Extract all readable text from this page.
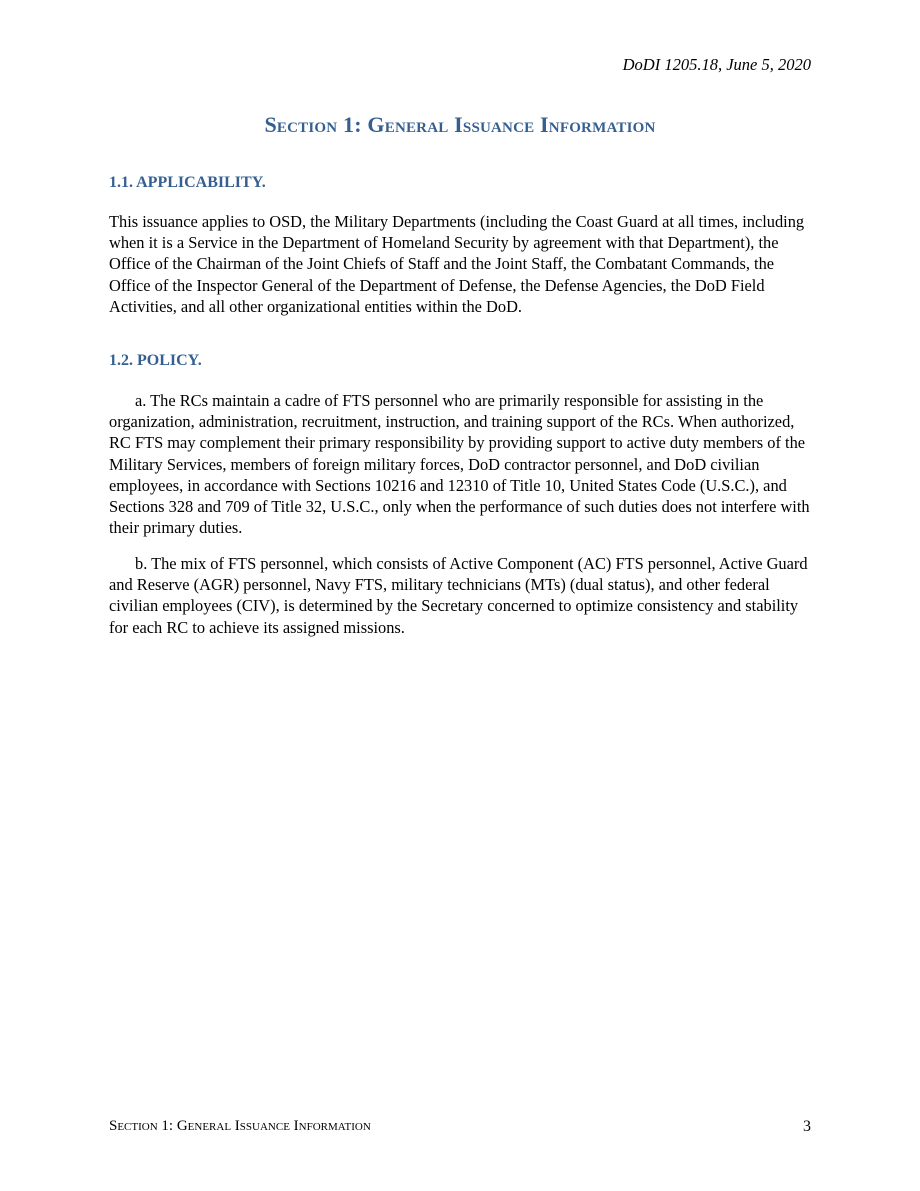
DoDI 1205.18, June 5, 2020
Section 1: General Issuance Information
1.1. APPLICABILITY.

This issuance applies to OSD, the Military Departments (including the Coast Guard at all times, including when it is a Service in the Department of Homeland Security by agreement with that Department), the Office of the Chairman of the Joint Chiefs of Staff and the Joint Staff, the Combatant Commands, the Office of the Inspector General of the Department of Defense, the Defense Agencies, the DoD Field Activities, and all other organizational entities within the DoD.

1.2. POLICY.

a. The RCs maintain a cadre of FTS personnel who are primarily responsible for assisting in the organization, administration, recruitment, instruction, and training support of the RCs. When authorized, RC FTS may complement their primary responsibility by providing support to active duty members of the Military Services, members of foreign military forces, DoD contractor personnel, and DoD civilian employees, in accordance with Sections 10216 and 12310 of Title 10, United States Code (U.S.C.), and Sections 328 and 709 of Title 32, U.S.C., only when the performance of such duties does not interfere with their primary duties.

b. The mix of FTS personnel, which consists of Active Component (AC) FTS personnel, Active Guard and Reserve (AGR) personnel, Navy FTS, military technicians (MTs) (dual status), and other federal civilian employees (CIV), is determined by the Secretary concerned to optimize consistency and stability for each RC to achieve its assigned missions.

Section 1: General Issuance Information	3
